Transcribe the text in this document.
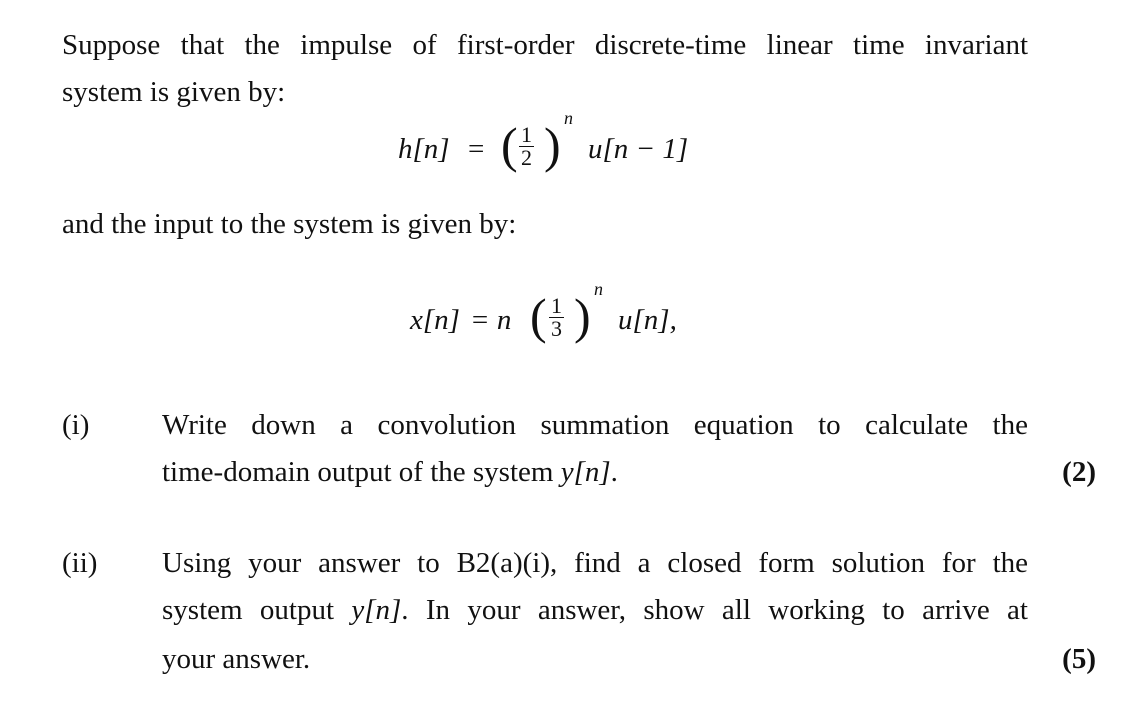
Suppose that the impulse of first-order discrete-time linear time invariant
system is given by:
h[n] = ( $\frac{1}{2}$ ) n
u[n − 1]
and the input to the system is given by:
x[n] = n ( $\frac{1}{3}$ ) n
u[n],
(i)	Write down a convolution summation equation to calculate the
time-domain output of the system y[n].	(2)
(ii) Using your answer to B2(a)(i), find a closed form solution for the
system output y[n]. In your answer, show all working to arrive at
your answer.	(5)
